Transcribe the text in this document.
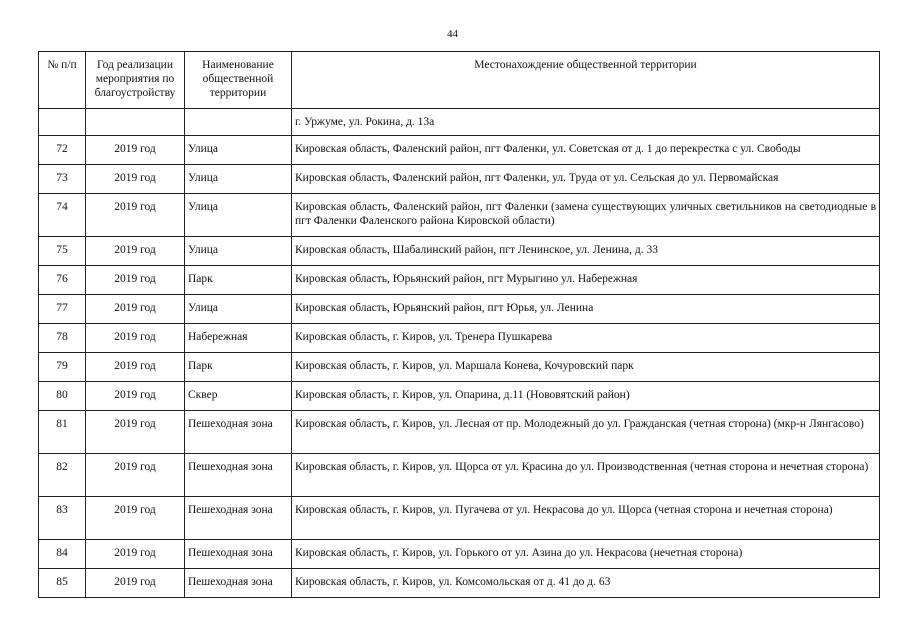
44
№ п/п	Год реализации мероприятия по благоустройству	Наименование общественной территории	Местонахождение общественной территории
			г. Уржуме, ул. Рокина, д. 13а
72	2019 год	Улица	Кировская область, Фаленский район, пгт Фаленки, ул. Советская от д. 1 до перекрестка с ул. Свободы
73	2019 год	Улица	Кировская область, Фаленский район, пгт Фаленки, ул. Труда от ул. Сельская до ул. Первомайская
74	2019 год	Улица	Кировская область, Фаленский район, пгт Фаленки (замена существующих уличных светильников на светодиодные в пгт Фаленки Фаленского района Кировской области)
75	2019 год	Улица	Кировская область, Шабалинский район, пгт Ленинское, ул. Ленина, д. 33
76	2019 год	Парк	Кировская область, Юрьянский район, пгт Мурыгино ул. Набережная
77	2019 год	Улица	Кировская область, Юрьянский район, пгт Юрья, ул. Ленина
78	2019 год	Набережная	Кировская область, г. Киров, ул. Тренера Пушкарева
79	2019 год	Парк	Кировская область, г. Киров, ул. Маршала Конева, Кочуровский парк
80	2019 год	Сквер	Кировская область, г. Киров, ул. Опарина, д.11 (Нововятский район)
81	2019 год	Пешеходная зона	Кировская область, г. Киров, ул. Лесная от пр. Молодежный до ул. Гражданская (четная сторона) (мкр-н Лянгасово)
82	2019 год	Пешеходная зона	Кировская область, г. Киров, ул. Щорса от ул. Красина до ул. Производственная (четная сторона и нечетная сторона)
83	2019 год	Пешеходная зона	Кировская область, г. Киров, ул. Пугачева от ул. Некрасова до ул. Щорса (четная сторона и нечетная сторона)
84	2019 год	Пешеходная зона	Кировская область, г. Киров, ул. Горького от ул. Азина до ул. Некрасова (нечетная сторона)
85	2019 год	Пешеходная зона	Кировская область, г. Киров, ул. Комсомольская от д. 41 до д. 63
